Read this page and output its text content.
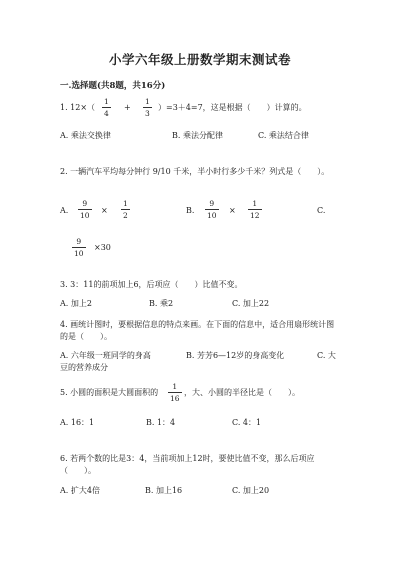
小学六年级上册数学期末测试卷
一.选择题(共8题，共16分)
1. 12×（
1
4
+
1
3
）=3＋4=7，这是根据（　　）计算的。
A. 乘法交换律	B. 乘法分配律	C. 乘法结合律
2. 一辆汽车平均每分钟行 9/10 千米，半小时行多少千米？列式是（　　）。
A.
9
10
×
1
2
B.
9
10
×
1
12
C.
9
10
×30
3. 3：11的前项加上6，后项应（　　）比值不变。
A. 加上2	B. 乘2	C. 加上22
4. 画统计图时，要根据信息的特点来画。在下面的信息中，适合用扇形统计图
的是（　　）。
A. 六年级一班同学的身高	B. 芳芳6—12岁的身高变化	C. 大
豆的营养成分
5. 小圆的面积是大圆面积的
1
16
，大、小圆的半径比是（　　）。
A. 16：1	B. 1：4	C. 4：1
6. 若两个数的比是3：4，当前项加上12时，要使比值不变，那么后项应
（　　）。
A. 扩大4倍	B. 加上16	C. 加上20
